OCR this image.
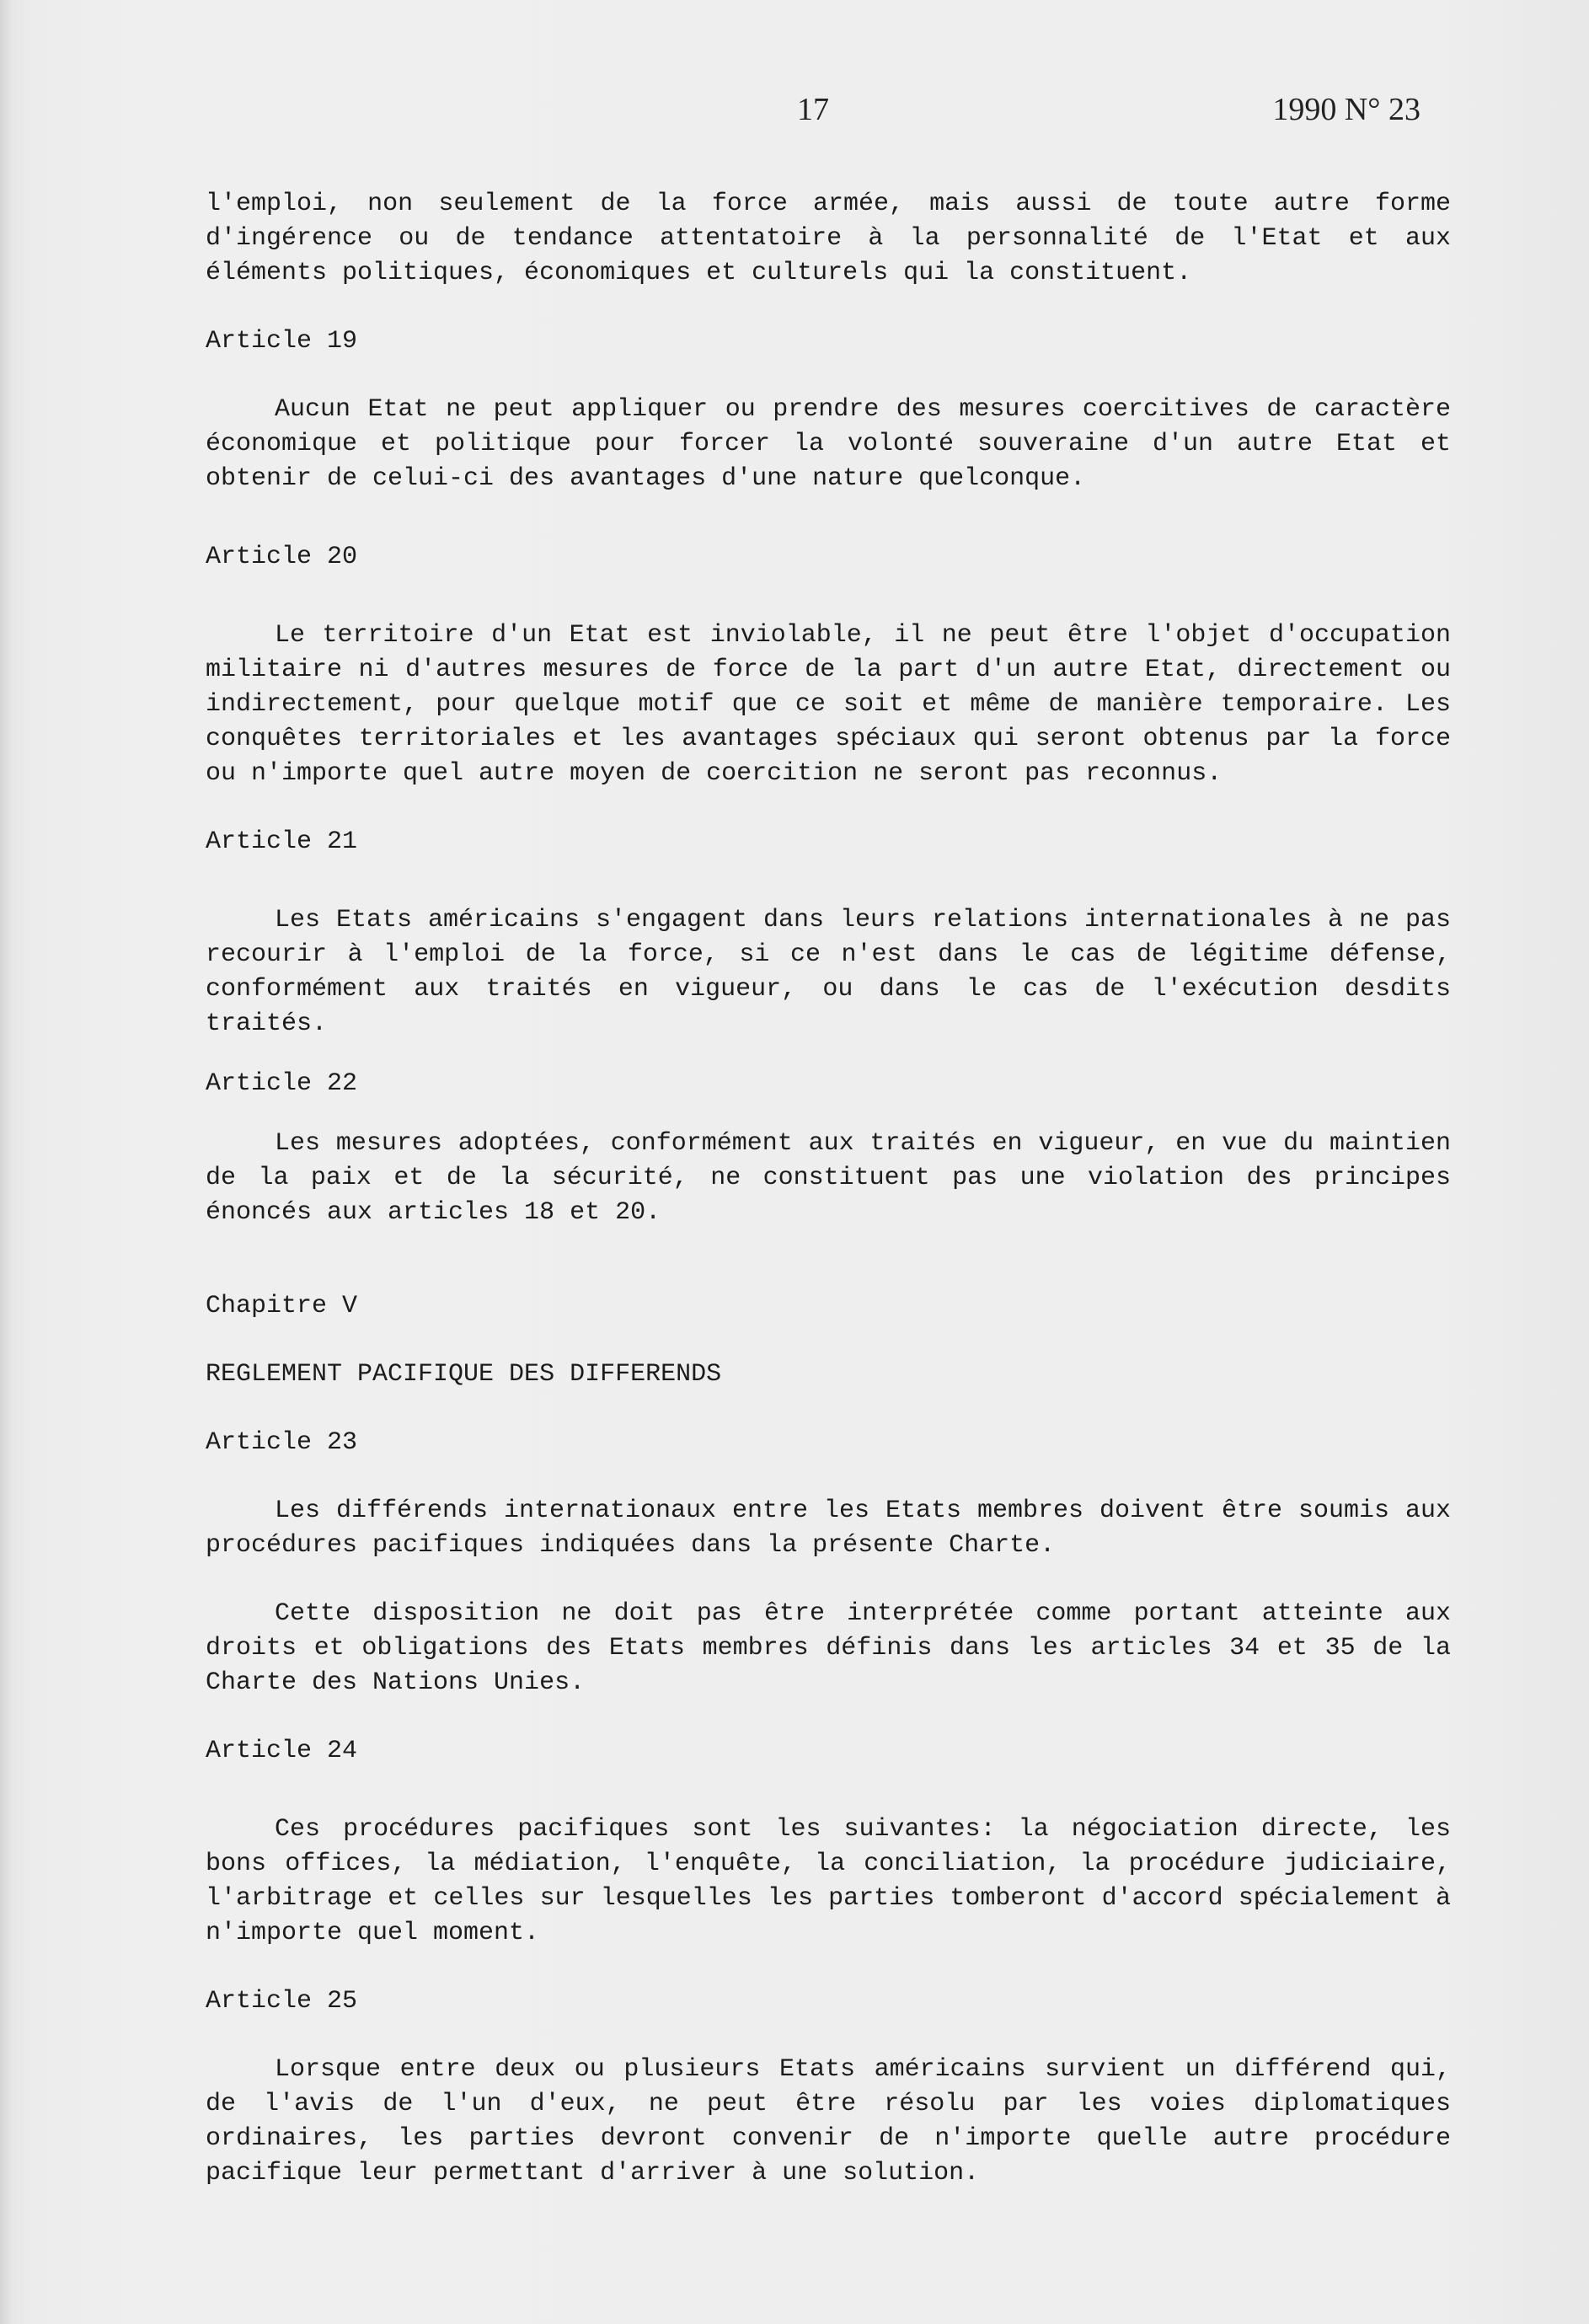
17	1990 N° 23

l'emploi, non seulement de la force armée, mais aussi de toute autre forme d'ingérence ou de tendance attentatoire à la personnalité de l'Etat et aux éléments politiques, économiques et culturels qui la constituent.

Article 19

Aucun Etat ne peut appliquer ou prendre des mesures coercitives de caractère économique et politique pour forcer la volonté souveraine d'un autre Etat et obtenir de celui-ci des avantages d'une nature quelconque.

Article 20

Le territoire d'un Etat est inviolable, il ne peut être l'objet d'occupation militaire ni d'autres mesures de force de la part d'un autre Etat, directement ou indirectement, pour quelque motif que ce soit et même de manière temporaire. Les conquêtes territoriales et les avantages spéciaux qui seront obtenus par la force ou n'importe quel autre moyen de coercition ne seront pas reconnus.

Article 21

Les Etats américains s'engagent dans leurs relations internationales à ne pas recourir à l'emploi de la force, si ce n'est dans le cas de légitime défense, conformément aux traités en vigueur, ou dans le cas de l'exécution desdits traités.

Article 22

Les mesures adoptées, conformément aux traités en vigueur, en vue du maintien de la paix et de la sécurité, ne constituent pas une violation des principes énoncés aux articles 18 et 20.

Chapitre V

REGLEMENT PACIFIQUE DES DIFFERENDS

Article 23

Les différends internationaux entre les Etats membres doivent être soumis aux procédures pacifiques indiquées dans la présente Charte.

Cette disposition ne doit pas être interprétée comme portant atteinte aux droits et obligations des Etats membres définis dans les articles 34 et 35 de la Charte des Nations Unies.

Article 24

Ces procédures pacifiques sont les suivantes: la négociation directe, les bons offices, la médiation, l'enquête, la conciliation, la procédure judiciaire, l'arbitrage et celles sur lesquelles les parties tomberont d'accord spécialement à n'importe quel moment.

Article 25

Lorsque entre deux ou plusieurs Etats américains survient un différend qui, de l'avis de l'un d'eux, ne peut être résolu par les voies diplomatiques ordinaires, les parties devront convenir de n'importe quelle autre procédure pacifique leur permettant d'arriver à une solution.
